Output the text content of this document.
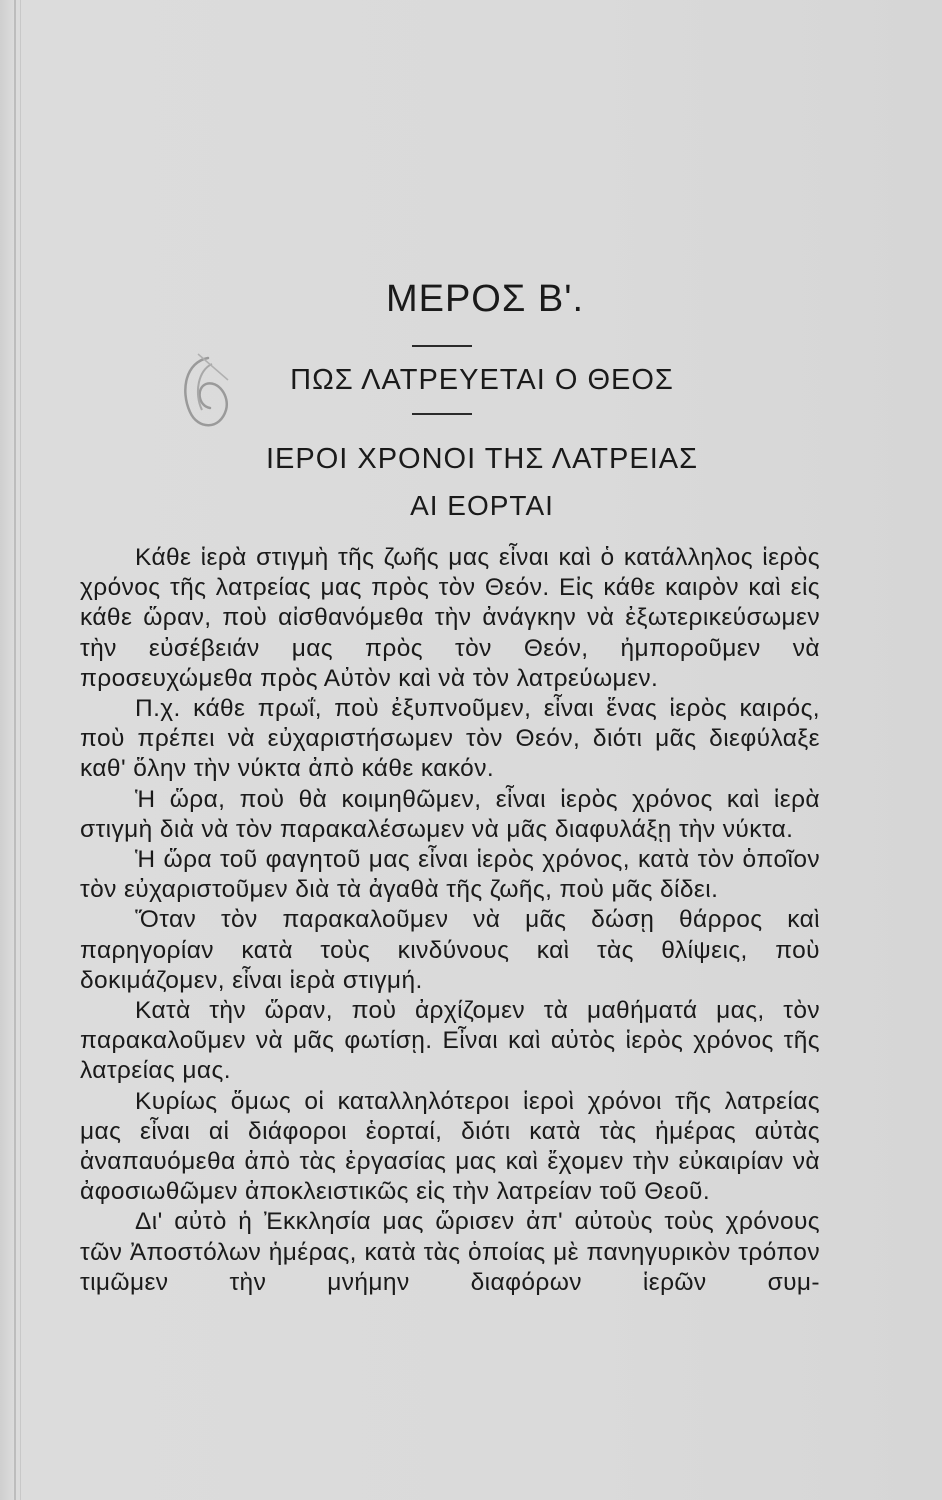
ΜΕΡΟΣ Β'.
ΠΩΣ ΛΑΤΡΕΥΕΤΑΙ Ο ΘΕΟΣ
ΙΕΡΟΙ ΧΡΟΝΟΙ ΤΗΣ ΛΑΤΡΕΙΑΣ
ΑΙ ΕΟΡΤΑΙ

Κάθε ἱερὰ στιγμὴ τῆς ζωῆς μας εἶναι καὶ ὁ κατάλληλος ἱερὸς χρόνος τῆς λατρείας μας πρὸς τὸν Θεόν. Εἰς κάθε καιρὸν καὶ εἰς κάθε ὥραν, ποὺ αἰσθανόμεθα τὴν ἀνάγκην νὰ ἐξωτερικεύσωμεν τὴν εὐσέβειάν μας πρὸς τὸν Θεόν, ἠμποροῦμεν νὰ προσευχώμεθα πρὸς Αὐτὸν καὶ νὰ τὸν λατρεύωμεν.

Π.χ. κάθε πρωΐ, ποὺ ἐξυπνοῦμεν, εἶναι ἕνας ἱερὸς καιρός, ποὺ πρέπει νὰ εὐχαριστήσωμεν τὸν Θεόν, διότι μᾶς διεφύλαξε καθ' ὅλην τὴν νύκτα ἀπὸ κάθε κακόν.

Ἡ ὥρα, ποὺ θὰ κοιμηθῶμεν, εἶναι ἱερὸς χρόνος καὶ ἱερὰ στιγμὴ διὰ νὰ τὸν παρακαλέσωμεν νὰ μᾶς διαφυλάξῃ τὴν νύκτα.

Ἡ ὥρα τοῦ φαγητοῦ μας εἶναι ἱερὸς χρόνος, κατὰ τὸν ὁποῖον τὸν εὐχαριστοῦμεν διὰ τὰ ἀγαθὰ τῆς ζωῆς, ποὺ μᾶς δίδει.

Ὅταν τὸν παρακαλοῦμεν νὰ μᾶς δώσῃ θάρρος καὶ παρηγορίαν κατὰ τοὺς κινδύνους καὶ τὰς θλίψεις, ποὺ δοκιμάζομεν, εἶναι ἱερὰ στιγμή.

Κατὰ τὴν ὥραν, ποὺ ἀρχίζομεν τὰ μαθήματά μας, τὸν παρακαλοῦμεν νὰ μᾶς φωτίσῃ. Εἶναι καὶ αὐτὸς ἱερὸς χρόνος τῆς λατρείας μας.

Κυρίως ὅμως οἱ καταλληλότεροι ἱεροὶ χρόνοι τῆς λατρείας μας εἶναι αἱ διάφοροι ἑορταί, διότι κατὰ τὰς ἡμέρας αὐτὰς ἀναπαυόμεθα ἀπὸ τὰς ἐργασίας μας καὶ ἔχομεν τὴν εὐκαιρίαν νὰ ἀφοσιωθῶμεν ἀποκλειστικῶς εἰς τὴν λατρείαν τοῦ Θεοῦ.

Δι' αὐτὸ ἡ Ἐκκλησία μας ὥρισεν ἀπ' αὐτοὺς τοὺς χρόνους τῶν Ἀποστόλων ἡμέρας, κατὰ τὰς ὁποίας μὲ πανηγυρικὸν τρόπον τιμῶμεν τὴν μνήμην διαφόρων ἱερῶν συμ-
